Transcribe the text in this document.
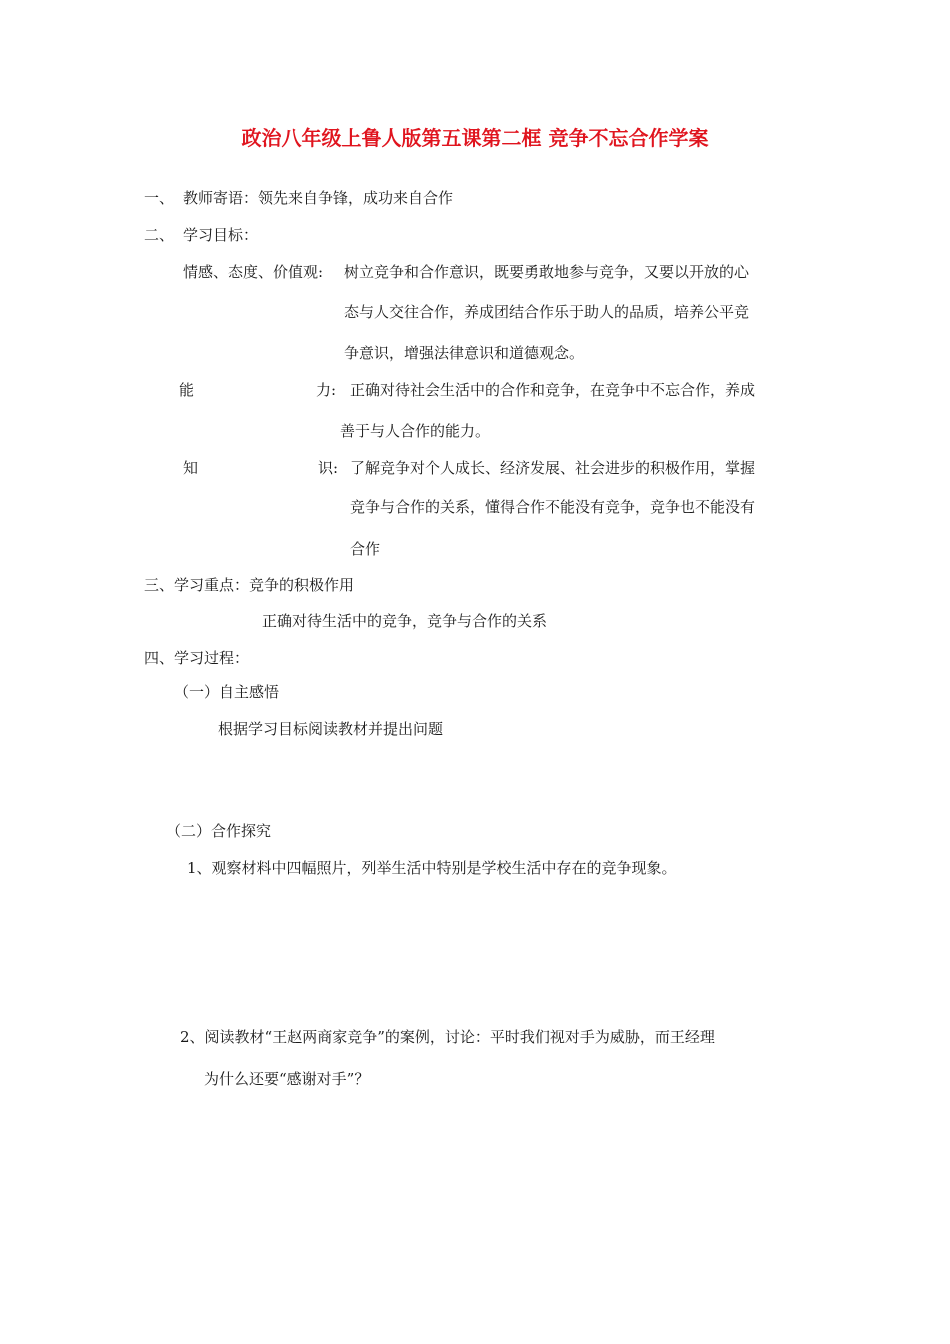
政治八年级上鲁人版第五课第二框 竞争不忘合作学案
一、 教师寄语：领先来自争锋，成功来自合作
二、 学习目标：
情感、态度、价值观: 树立竞争和合作意识，既要勇敢地参与竞争，又要以开放的心
态与人交往合作，养成团结合作乐于助人的品质，培养公平竞
争意识，增强法律意识和道德观念。
能	力: 正确对待社会生活中的合作和竞争，在竞争中不忘合作，养成
善于与人合作的能力。
知	识: 了解竞争对个人成长、经济发展、社会进步的积极作用，掌握
竞争与合作的关系，懂得合作不能没有竞争，竞争也不能没有
合作
三、学习重点：竞争的积极作用
正确对待生活中的竞争，竞争与合作的关系
四、学习过程：
（一）自主感悟
根据学习目标阅读教材并提出问题
（二）合作探究
1、观察材料中四幅照片，列举生活中特别是学校生活中存在的竞争现象。
2、阅读教材“王赵两商家竞争”的案例，讨论：平时我们视对手为威胁，而王经理
为什么还要“感谢对手”？
